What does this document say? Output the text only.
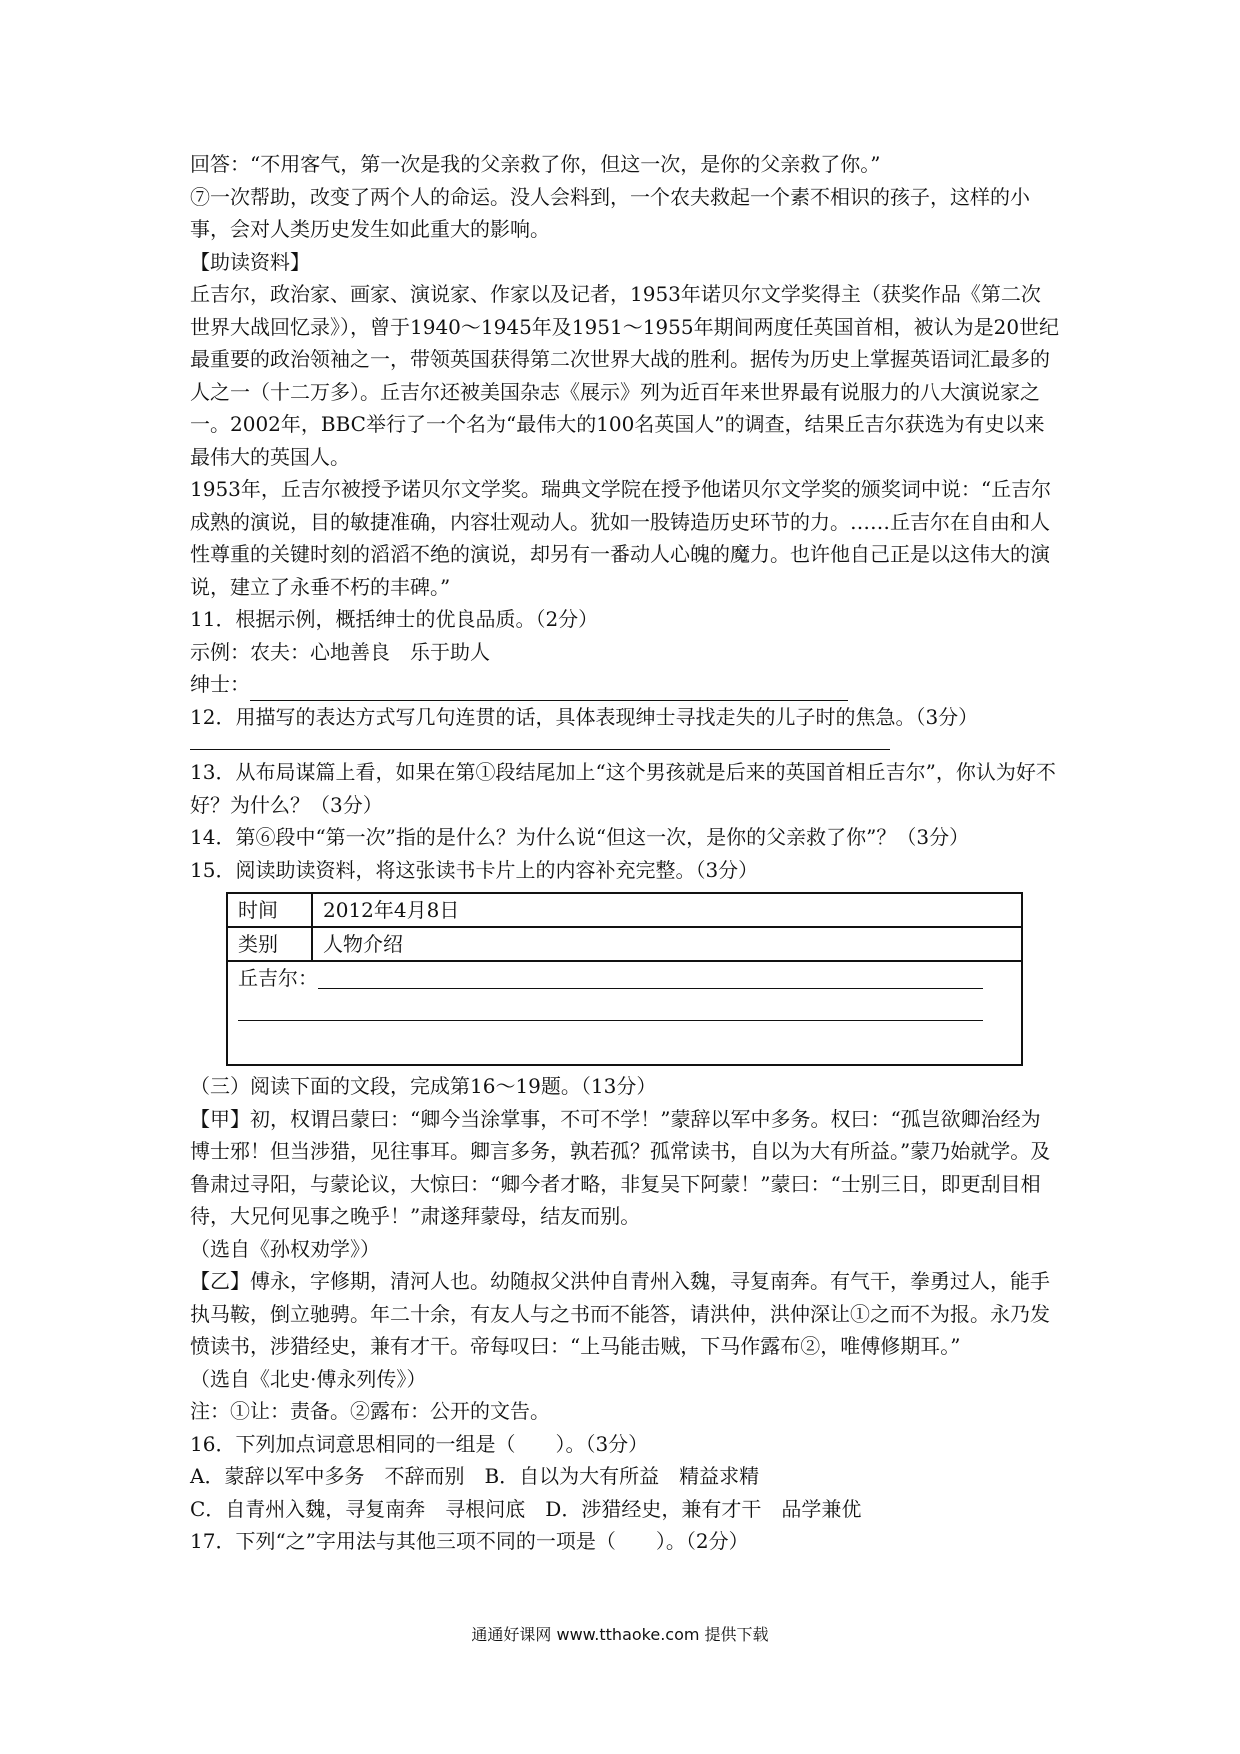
回答：“不用客气，第一次是我的父亲救了你，但这一次，是你的父亲救了你。”

⑦一次帮助，改变了两个人的命运。没人会料到，一个农夫救起一个素不相识的孩子，这样的小事，会对人类历史发生如此重大的影响。

【助读资料】

丘吉尔，政治家、画家、演说家、作家以及记者，1953年诺贝尔文学奖得主（获奖作品《第二次世界大战回忆录》），曾于1940～1945年及1951～1955年期间两度任英国首相，被认为是20世纪最重要的政治领袖之一，带领英国获得第二次世界大战的胜利。据传为历史上掌握英语词汇最多的人之一（十二万多）。丘吉尔还被美国杂志《展示》列为近百年来世界最有说服力的八大演说家之一。2002年，BBC举行了一个名为“最伟大的100名英国人”的调查，结果丘吉尔获选为有史以来最伟大的英国人。

1953年，丘吉尔被授予诺贝尔文学奖。瑞典文学院在授予他诺贝尔文学奖的颁奖词中说：“丘吉尔成熟的演说，目的敏捷准确，内容壮观动人。犹如一股铸造历史环节的力。……丘吉尔在自由和人性尊重的关键时刻的滔滔不绝的演说，却另有一番动人心魄的魔力。也许他自己正是以这伟大的演说，建立了永垂不朽的丰碑。”

11．根据示例，概括绅士的优良品质。（2分）

示例：农夫：心地善良　乐于助人

绅士：

12．用描写的表达方式写几句连贯的话，具体表现绅士寻找走失的儿子时的焦急。（3分）

13．从布局谋篇上看，如果在第①段结尾加上“这个男孩就是后来的英国首相丘吉尔”，你认为好不好？为什么？（3分）

14．第⑥段中“第一次”指的是什么？为什么说“但这一次，是你的父亲救了你”？（3分）

15．阅读助读资料，将这张读书卡片上的内容补充完整。（3分）

时间	2012年4月8日
类别	人物介绍

丘吉尔：	

（三）阅读下面的文段，完成第16～19题。（13分）

【甲】初，权谓吕蒙曰：“卿今当涂掌事，不可不学！”蒙辞以军中多务。权曰：“孤岂欲卿治经为博士邪！但当涉猎，见往事耳。卿言多务，孰若孤？孤常读书，自以为大有所益。”蒙乃始就学。及鲁肃过寻阳，与蒙论议，大惊曰：“卿今者才略，非复吴下阿蒙！”蒙曰：“士别三日，即更刮目相待，大兄何见事之晚乎！”肃遂拜蒙母，结友而别。

（选自《孙权劝学》）

【乙】傅永，字修期，清河人也。幼随叔父洪仲自青州入魏，寻复南奔。有气干，拳勇过人，能手执马鞍，倒立驰骋。年二十余，有友人与之书而不能答，请洪仲，洪仲深让①之而不为报。永乃发愤读书，涉猎经史，兼有才干。帝每叹曰：“上马能击贼，下马作露布②，唯傅修期耳。”

（选自《北史·傅永列传》）

注：①让：责备。②露布：公开的文告。

16．下列加点词意思相同的一组是（　　）。（3分）

A．蒙辞以军中多务　不辞而别　B．自以为大有所益　精益求精

C．自青州入魏，寻复南奔　寻根问底　D．涉猎经史，兼有才干　品学兼优

17．下列“之”字用法与其他三项不同的一项是（　　）。（2分）

通通好课网 www.tthaoke.com 提供下载
